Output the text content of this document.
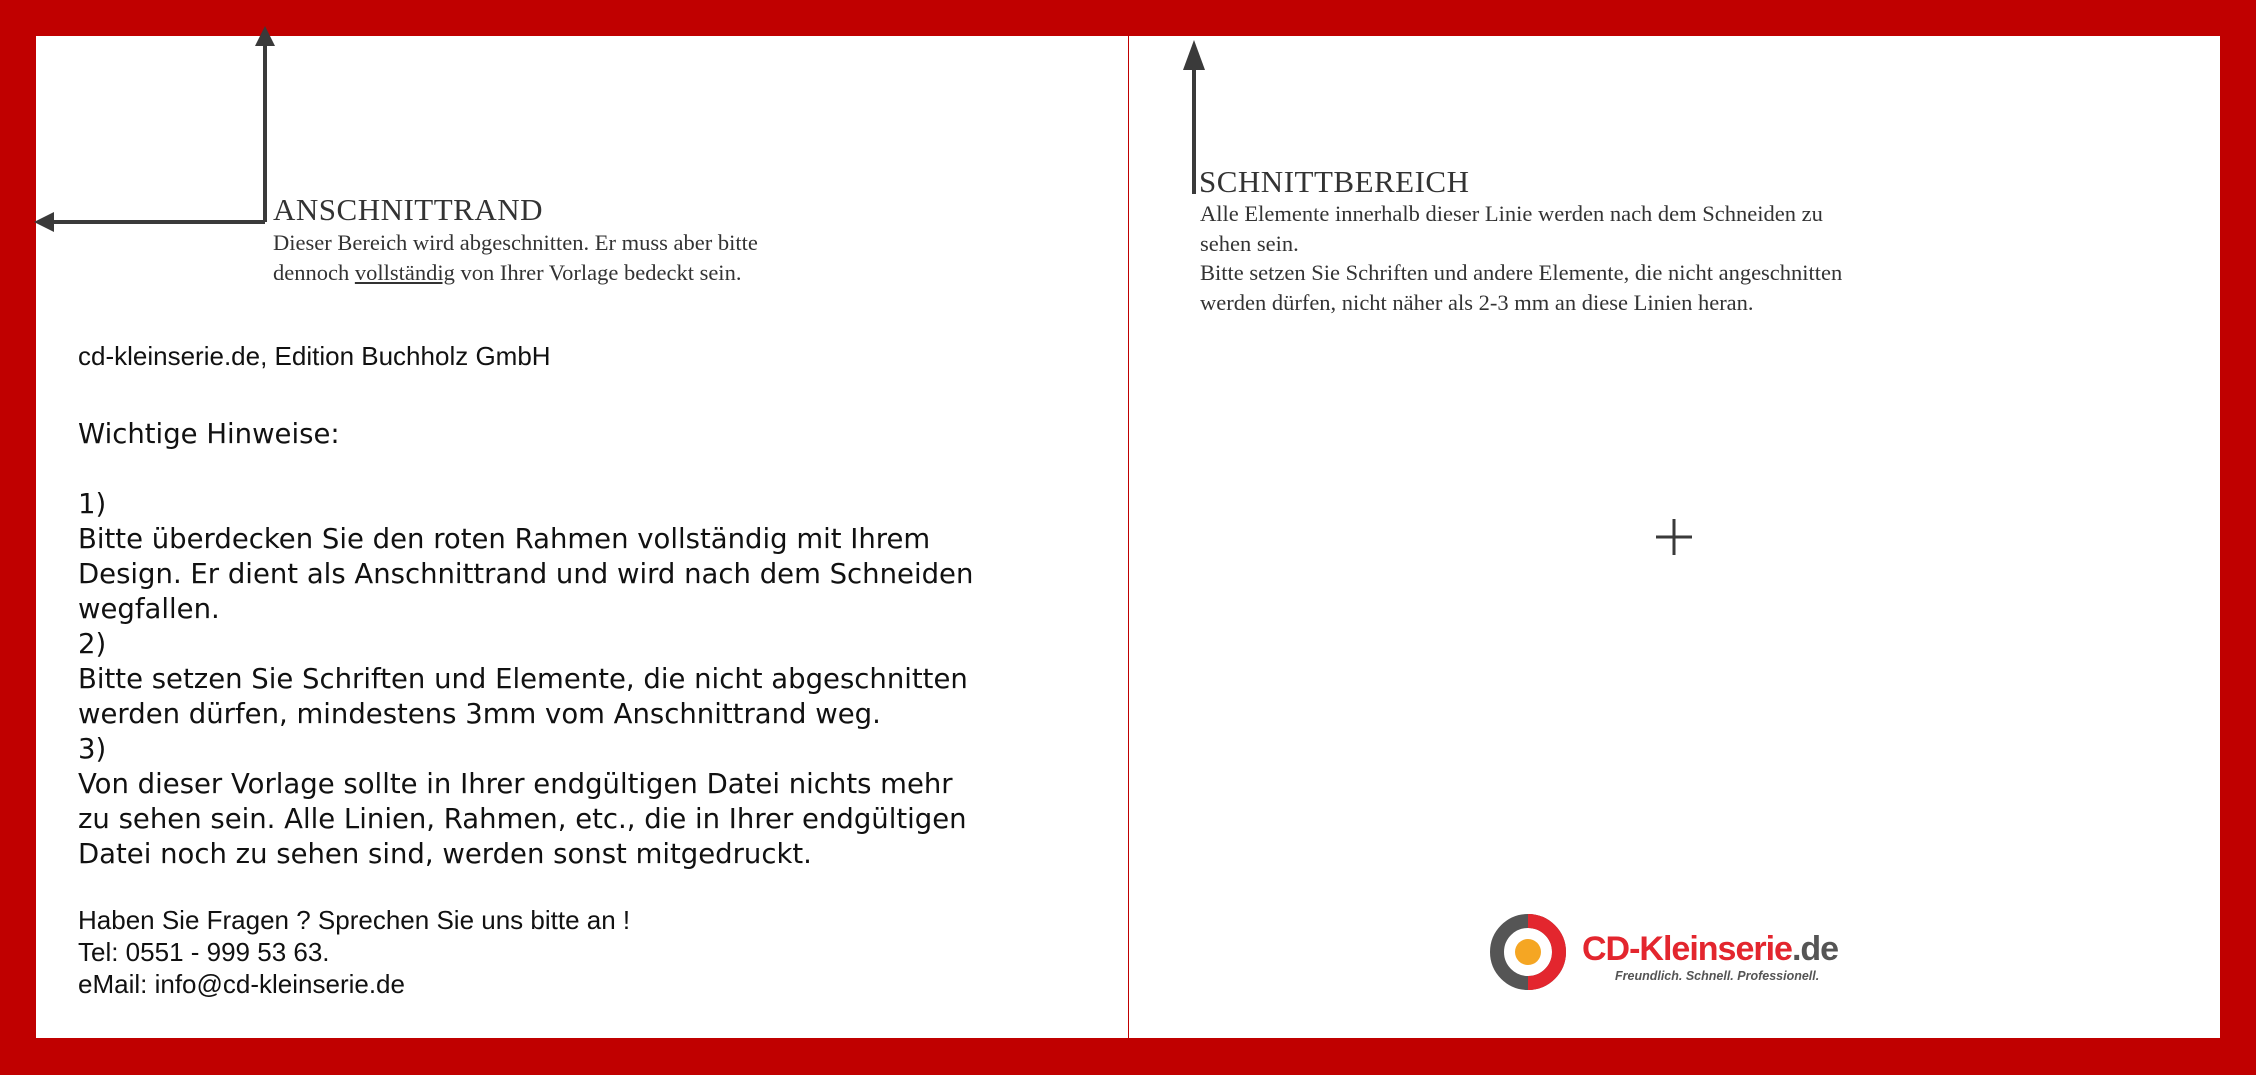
ANSCHNITTRAND
Dieser Bereich wird abgeschnitten. Er muss aber bitte
dennoch vollständig von Ihrer Vorlage bedeckt sein.
SCHNITTBEREICH
Alle Elemente innerhalb dieser Linie werden nach dem Schneiden zu
sehen sein.
Bitte setzen Sie Schriften und andere Elemente, die nicht angeschnitten
werden dürfen, nicht näher als 2-3 mm an diese Linien heran.
cd-kleinserie.de, Edition Buchholz GmbH
Wichtige Hinweise:
1)
Bitte überdecken Sie den roten Rahmen vollständig mit Ihrem
Design. Er dient als Anschnittrand und wird nach dem Schneiden
wegfallen.
2)
Bitte setzen Sie Schriften und Elemente, die nicht abgeschnitten
werden dürfen, mindestens 3mm vom Anschnittrand weg.
3)
Von dieser Vorlage sollte in Ihrer endgültigen Datei nichts mehr
zu sehen sein. Alle Linien, Rahmen, etc., die in Ihrer endgültigen
Datei noch zu sehen sind, werden sonst mitgedruckt.
Haben Sie Fragen ? Sprechen Sie uns bitte an !
Tel: 0551 - 999 53 63.
eMail: info@cd-kleinserie.de
CD-Kleinserie.de
Freundlich. Schnell. Professionell.
